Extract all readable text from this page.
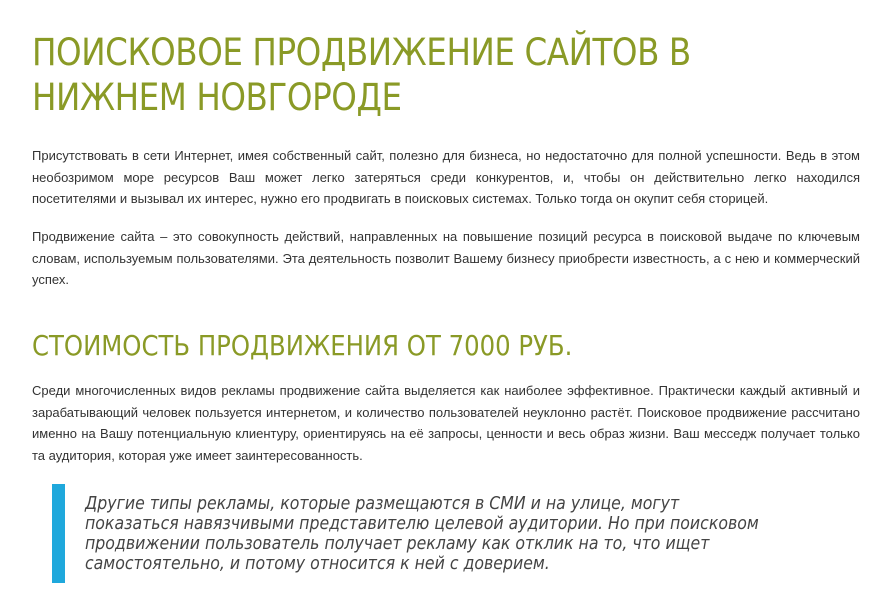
ПОИСКОВОЕ ПРОДВИЖЕНИЕ САЙТОВ В
НИЖНЕМ НОВГОРОДЕ

Присутствовать в сети Интернет, имея собственный сайт, полезно для бизнеса, но недостаточно для полной успешности. Ведь в этом необозримом море ресурсов Ваш может легко затеряться среди конкурентов, и, чтобы он действительно легко находился посетителями и вызывал их интерес, нужно его продвигать в поисковых системах. Только тогда он окупит себя сторицей.

Продвижение сайта – это совокупность действий, направленных на повышение позиций ресурса в поисковой выдаче по ключевым словам, используемым пользователями. Эта деятельность позволит Вашему бизнесу приобрести известность, а с нею и коммерческий успех.

СТОИМОСТЬ ПРОДВИЖЕНИЯ ОТ 7000 РУБ.

Среди многочисленных видов рекламы продвижение сайта выделяется как наиболее эффективное. Практически каждый активный и зарабатывающий человек пользуется интернетом, и количество пользователей неуклонно растёт. Поисковое продвижение рассчитано именно на Вашу потенциальную клиентуру, ориентируясь на её запросы, ценности и весь образ жизни. Ваш месседж получает только та аудитория, которая уже имеет заинтересованность.

Другие типы рекламы, которые размещаются в СМИ и на улице, могут показаться навязчивыми представителю целевой аудитории. Но при поисковом продвижении пользователь получает рекламу как отклик на то, что ищет самостоятельно, и потому относится к ней с доверием.
